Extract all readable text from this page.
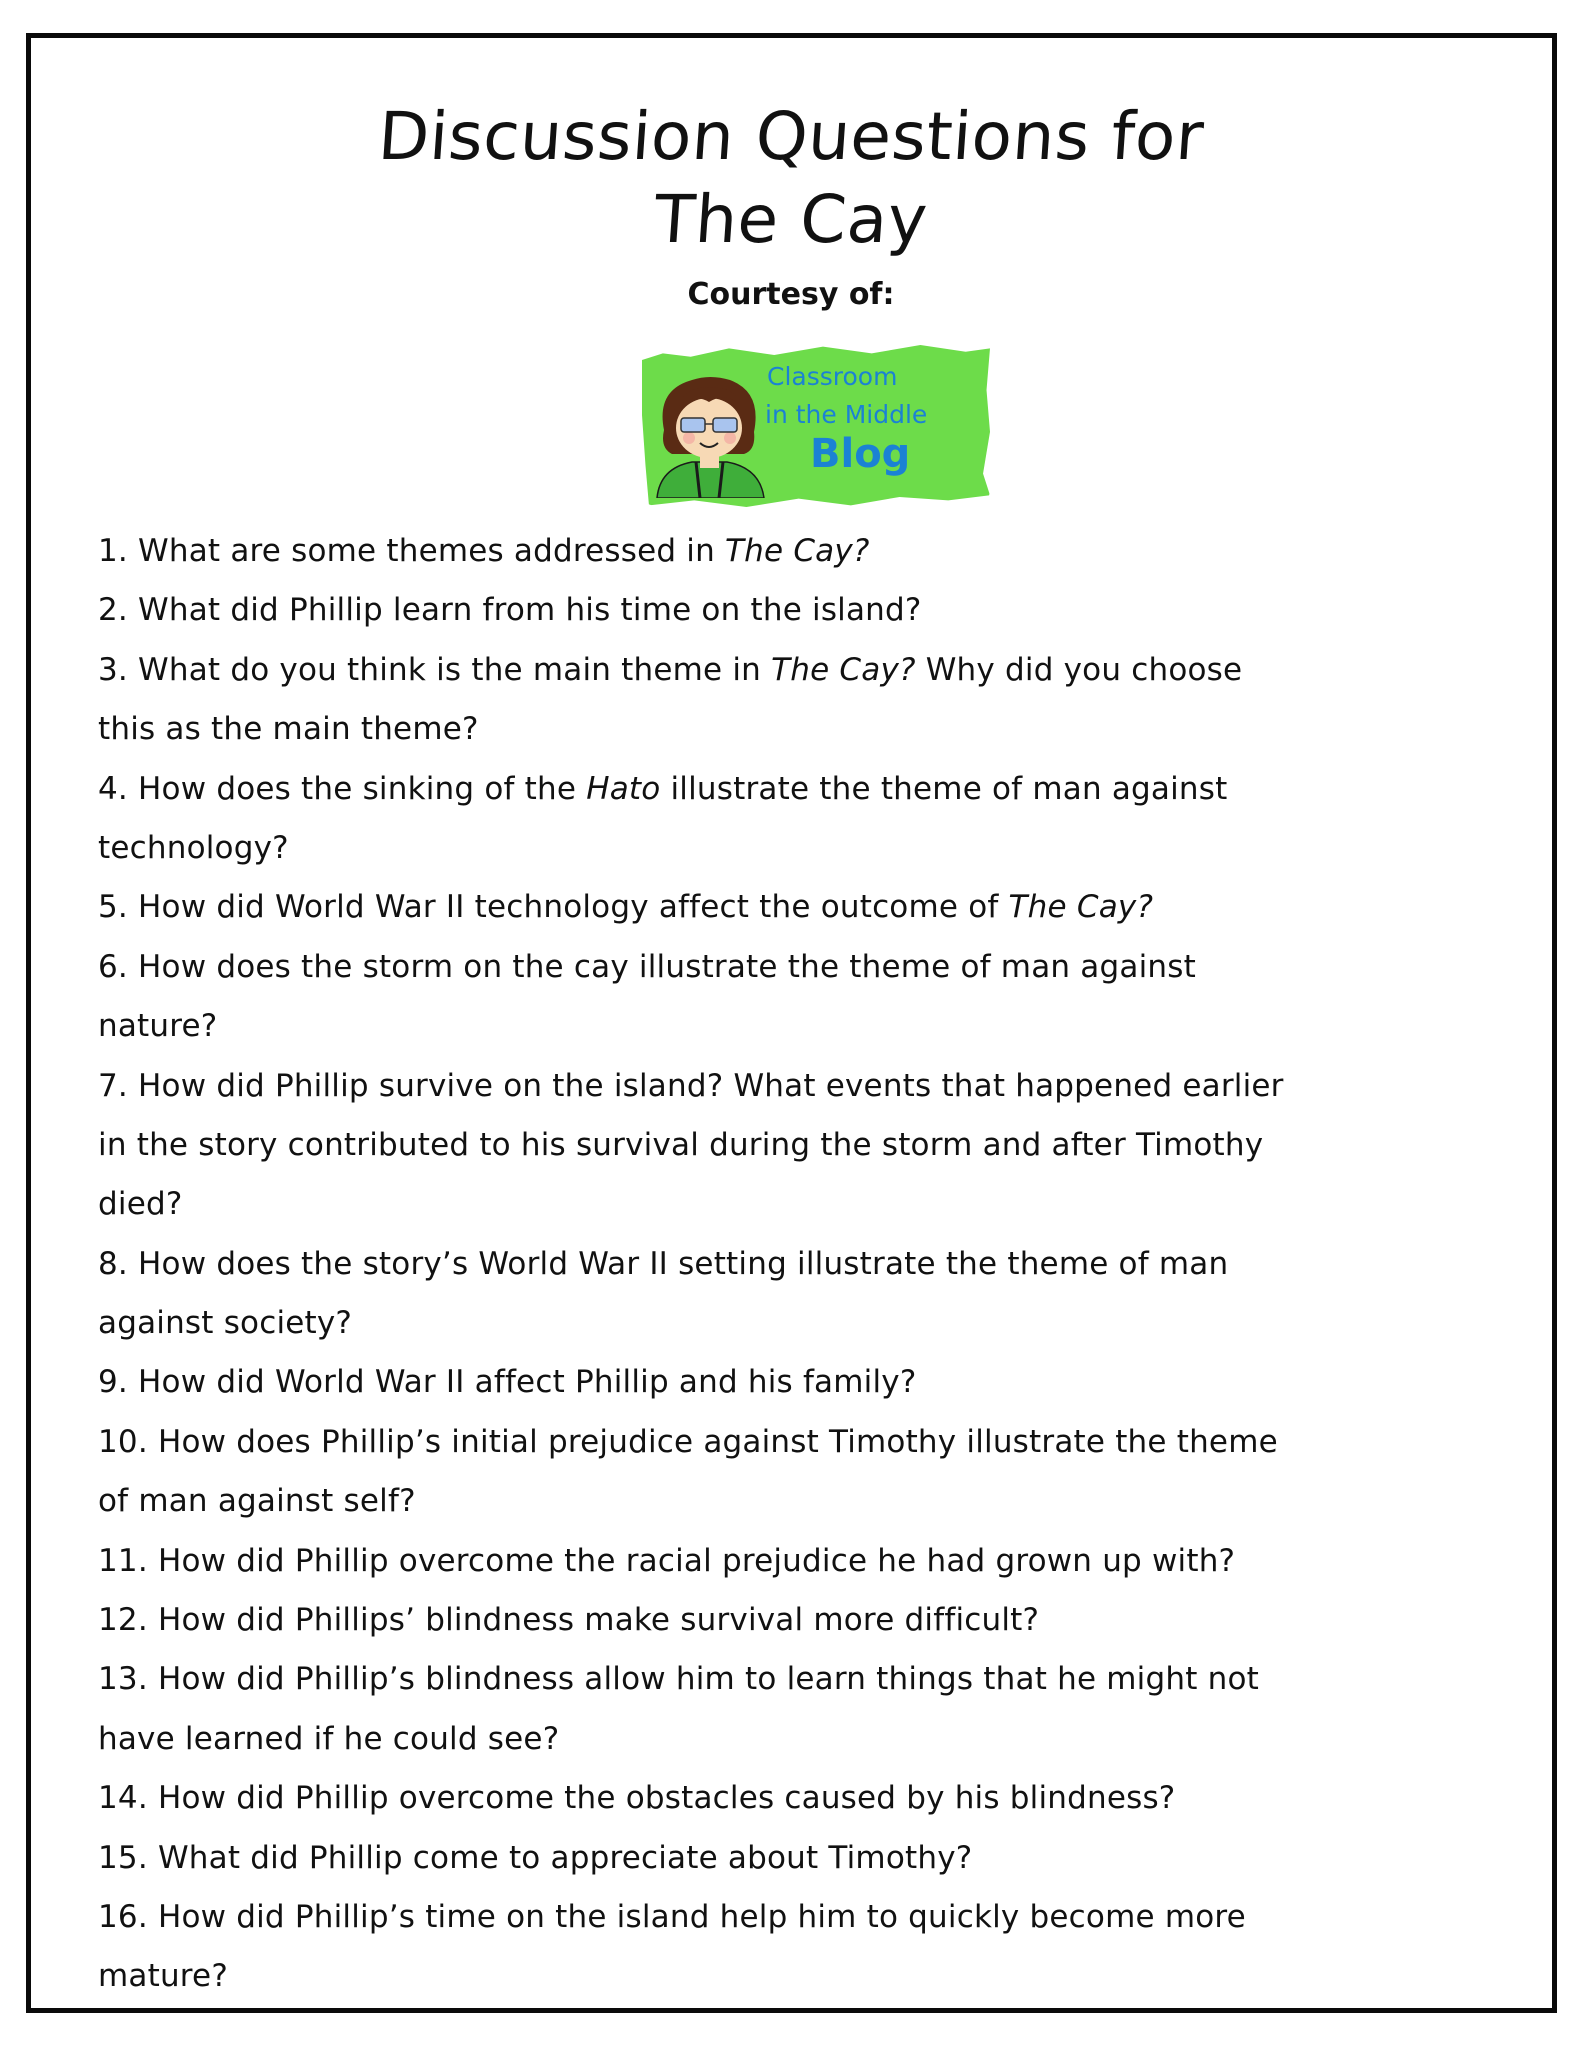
Discussion Questions for
The Cay
Courtesy of:
Classroom
in the Middle
Blog
1. What are some themes addressed in The Cay?
2. What did Phillip learn from his time on the island?
3. What do you think is the main theme in The Cay? Why did you choose
this as the main theme?
4. How does the sinking of the Hato illustrate the theme of man against
technology?
5. How did World War II technology affect the outcome of The Cay?
6. How does the storm on the cay illustrate the theme of man against
nature?
7. How did Phillip survive on the island? What events that happened earlier
in the story contributed to his survival during the storm and after Timothy
died?
8. How does the story’s World War II setting illustrate the theme of man
against society?
9. How did World War II affect Phillip and his family?
10. How does Phillip’s initial prejudice against Timothy illustrate the theme
of man against self?
11. How did Phillip overcome the racial prejudice he had grown up with?
12. How did Phillips’ blindness make survival more difficult?
13. How did Phillip’s blindness allow him to learn things that he might not
have learned if he could see?
14. How did Phillip overcome the obstacles caused by his blindness?
15. What did Phillip come to appreciate about Timothy?
16. How did Phillip’s time on the island help him to quickly become more
mature?
